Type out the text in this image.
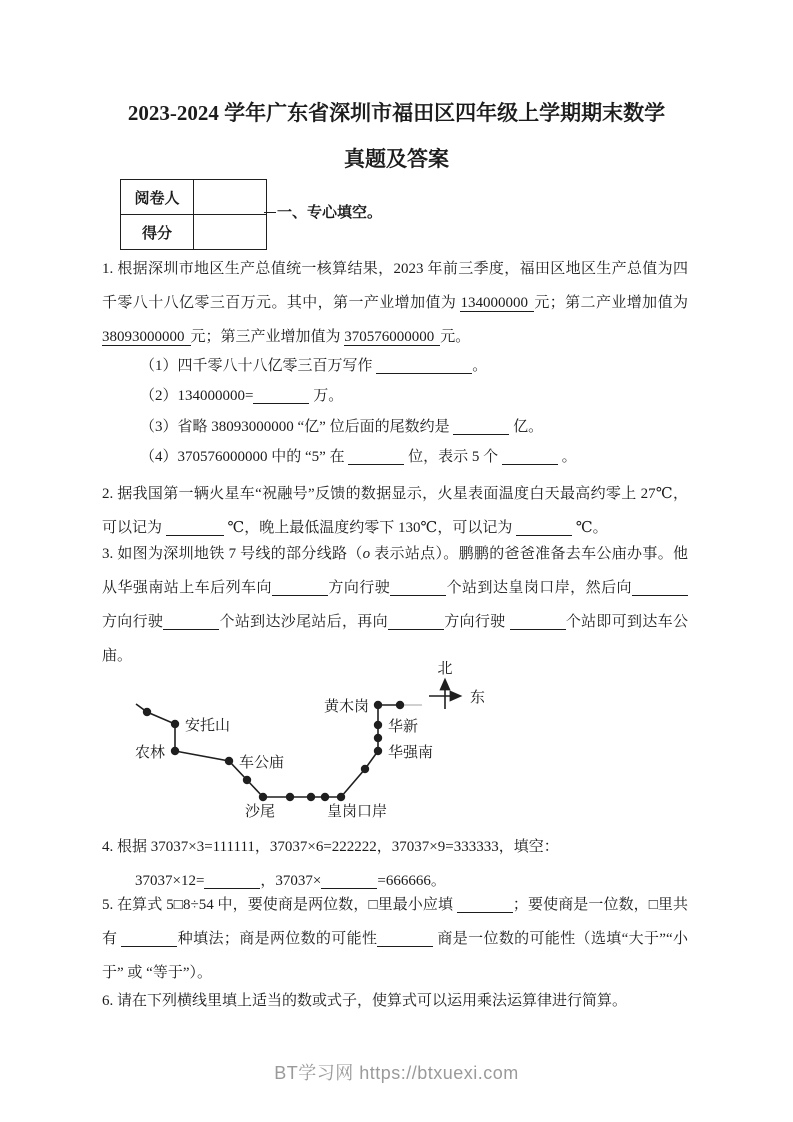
2023-2024 学年广东省深圳市福田区四年级上学期期末数学
真题及答案
阅卷人	
得分	
一、专心填空。
1. 根据深圳市地区生产总值统一核算结果，2023 年前三季度，福田区地区生产总值为四千零八十八亿零三百万元。其中，第一产业增加值为 134000000 元；第二产业增加值为 38093000000 元；第三产业增加值为 370576000000 元。
（1）四千零八十八亿零三百万写作	。
（2）134000000=	万。
（3）省略 38093000000 “亿” 位后面的尾数约是	亿。
（4）370576000000 中的 “5” 在	位，表示 5 个	。
2. 据我国第一辆火星车“祝融号”反馈的数据显示，火星表面温度白天最高约零上 27℃，可以记为	℃，晚上最低温度约零下 130℃，可以记为	℃。
3. 如图为深圳地铁 7 号线的部分线路（o 表示站点）。鹏鹏的爸爸准备去车公庙办事。他从华强南站上车后列车向	方向行驶	个站到达皇岗口岸，然后向方向行驶	个站到达沙尾站后，再向	方向行驶	个站即可到达车公庙。
安托山
农林
车公庙
沙尾	皇岗口岸
华强南
华新
黄木岗
北
东
4. 根据 37037×3=111111，37037×6=222222，37037×9=333333，填空：
37037×12=	，37037×	=666666。
5. 在算式 5□8÷54 中，要使商是两位数，□里最小应填	；要使商是一位数，□里共有	种填法；商是两位数的可能性	商是一位数的可能性（选填“大于”“小于” 或 “等于”）。
6. 请在下列横线里填上适当的数或式子，使算式可以运用乘法运算律进行简算。
BT学习网 https://btxuexi.com
